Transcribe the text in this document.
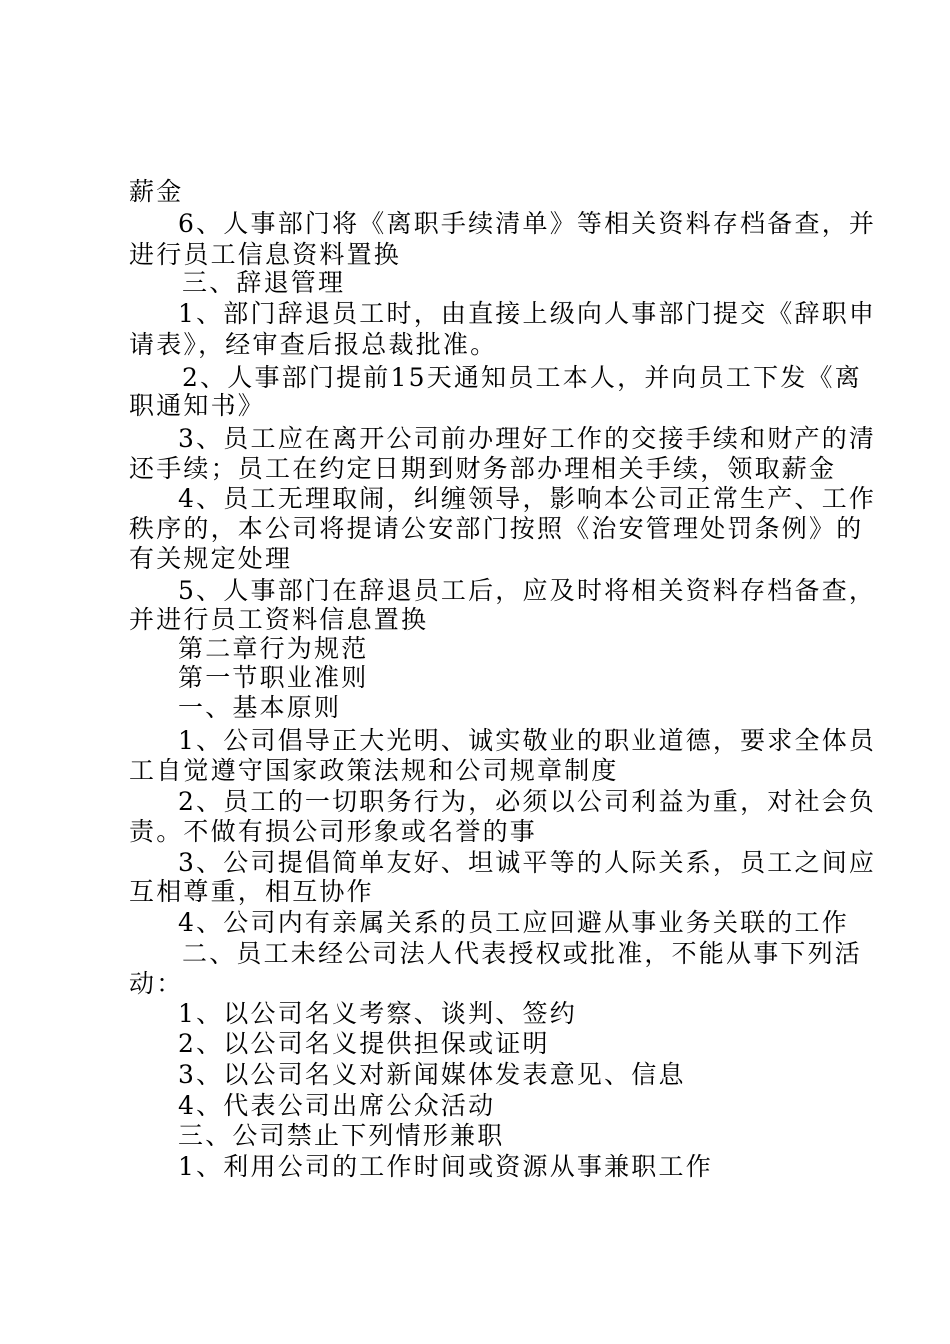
薪金
6、人事部门将《离职手续清单》等相关资料存档备查，并
进行员工信息资料置换
三、辞退管理
1、部门辞退员工时，由直接上级向人事部门提交《辞职申
请表》，经审查后报总裁批准。
2、人事部门提前15天通知员工本人，并向员工下发《离
职通知书》
3、员工应在离开公司前办理好工作的交接手续和财产的清
还手续；员工在约定日期到财务部办理相关手续，领取薪金
4、员工无理取闹，纠缠领导，影响本公司正常生产、工作
秩序的，本公司将提请公安部门按照《治安管理处罚条例》的
有关规定处理
5、人事部门在辞退员工后，应及时将相关资料存档备查，
并进行员工资料信息置换
第二章行为规范
第一节职业准则
一、基本原则
1、公司倡导正大光明、诚实敬业的职业道德，要求全体员
工自觉遵守国家政策法规和公司规章制度
2、员工的一切职务行为，必须以公司利益为重，对社会负
责。不做有损公司形象或名誉的事
3、公司提倡简单友好、坦诚平等的人际关系，员工之间应
互相尊重，相互协作
4、公司内有亲属关系的员工应回避从事业务关联的工作
二、员工未经公司法人代表授权或批准，不能从事下列活
动：
1、以公司名义考察、谈判、签约
2、以公司名义提供担保或证明
3、以公司名义对新闻媒体发表意见、信息
4、代表公司出席公众活动
三、公司禁止下列情形兼职
1、利用公司的工作时间或资源从事兼职工作
